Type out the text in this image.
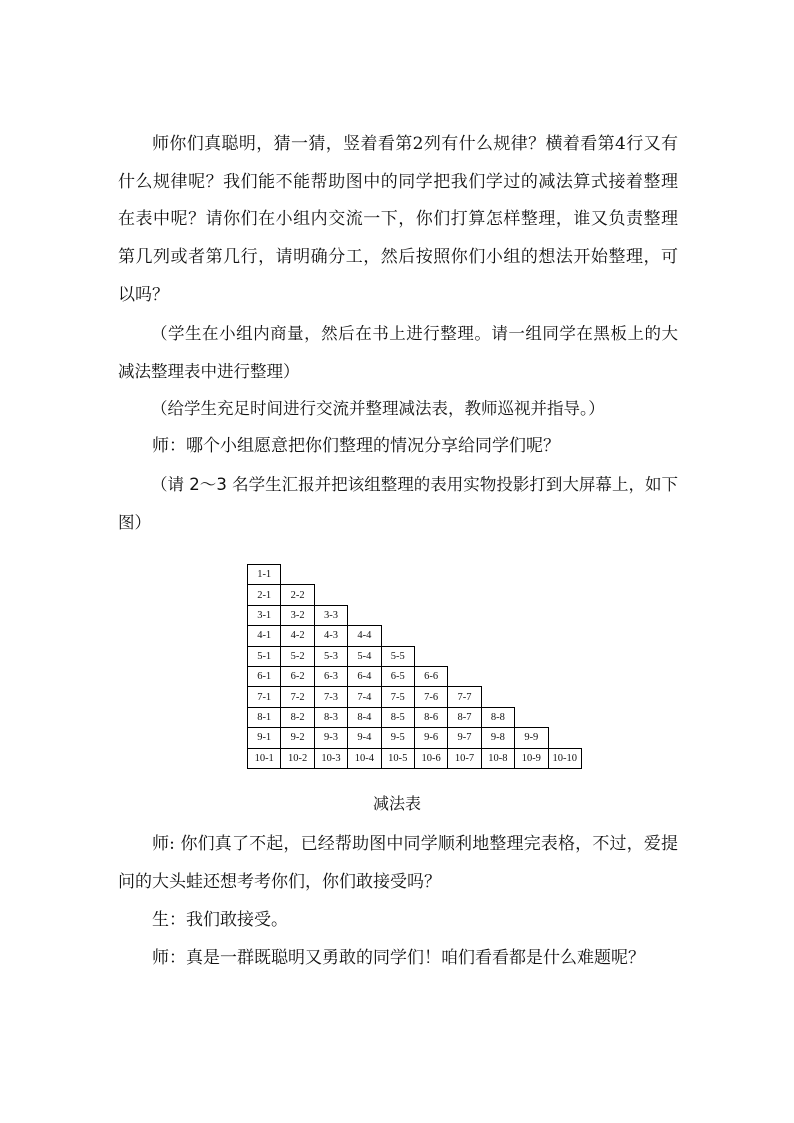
师你们真聪明，猜一猜，竖着看第2列有什么规律？横着看第4行又有什么规律呢？我们能不能帮助图中的同学把我们学过的减法算式接着整理在表中呢？请你们在小组内交流一下，你们打算怎样整理，谁又负责整理第几列或者第几行，请明确分工，然后按照你们小组的想法开始整理，可以吗？

（学生在小组内商量，然后在书上进行整理。请一组同学在黑板上的大减法整理表中进行整理）

（给学生充足时间进行交流并整理减法表，教师巡视并指导。）

师：哪个小组愿意把你们整理的情况分享给同学们呢？

（请 2～3 名学生汇报并把该组整理的表用实物投影打到大屏幕上，如下图）

1-1									
2-1	2-2								
3-1	3-2	3-3							
4-1	4-2	4-3	4-4						
5-1	5-2	5-3	5-4	5-5					
6-1	6-2	6-3	6-4	6-5	6-6				
7-1	7-2	7-3	7-4	7-5	7-6	7-7			
8-1	8-2	8-3	8-4	8-5	8-6	8-7	8-8		
9-1	9-2	9-3	9-4	9-5	9-6	9-7	9-8	9-9	
10-1	10-2	10-3	10-4	10-5	10-6	10-7	10-8	10-9	10-10
减法表

师: 你们真了不起，已经帮助图中同学顺利地整理完表格，不过，爱提问的大头蛙还想考考你们，你们敢接受吗？

生：我们敢接受。

师：真是一群既聪明又勇敢的同学们！咱们看看都是什么难题呢？
